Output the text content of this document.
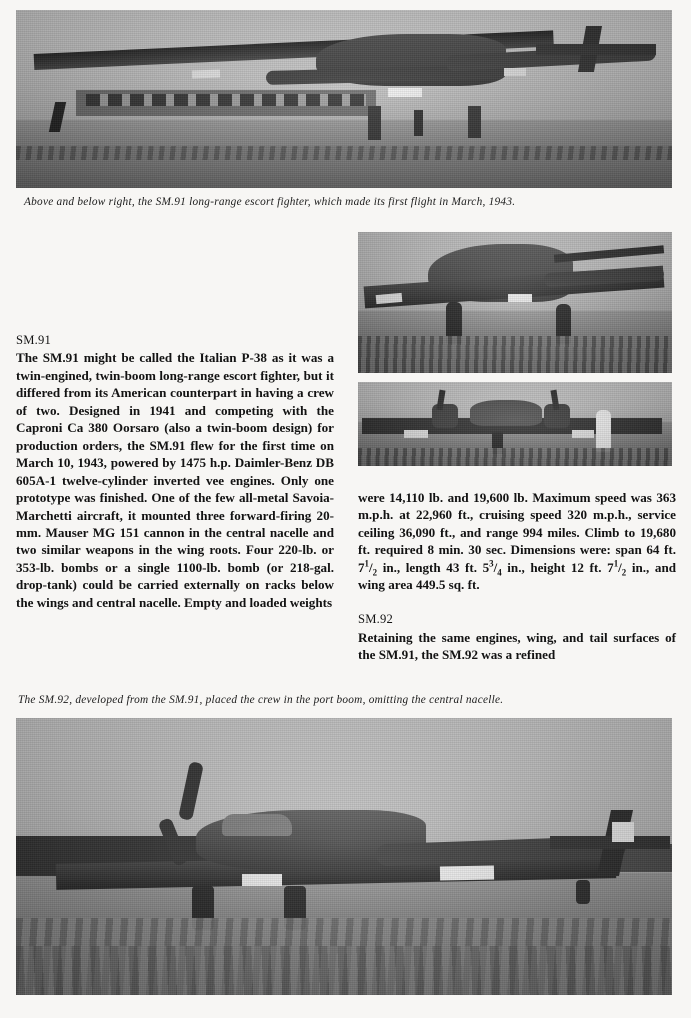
Above and below right, the SM.91 long-range escort fighter, which made its first flight in March, 1943.

SM.91

The SM.91 might be called the Italian P-38 as it was a twin-engined, twin-boom long-range escort fighter, but it differed from its American counterpart in having a crew of two. Designed in 1941 and competing with the Caproni Ca 380 Oorsaro (also a twin-boom design) for production orders, the SM.91 flew for the first time on March 10, 1943, powered by 1475 h.p. Daimler-Benz DB 605A-1 twelve-cylinder inverted vee engines. Only one prototype was finished. One of the few all-metal Savoia-Marchetti aircraft, it mounted three forward-firing 20-mm. Mauser MG 151 cannon in the central nacelle and two similar weapons in the wing roots. Four 220-lb. or 353-lb. bombs or a single 1100-lb. bomb (or 218-gal. drop-tank) could be carried externally on racks below the wings and central nacelle. Empty and loaded weights

were 14,110 lb. and 19,600 lb. Maximum speed was 363 m.p.h. at 22,960 ft., cruising speed 320 m.p.h., service ceiling 36,090 ft., and range 994 miles. Climb to 19,680 ft. required 8 min. 30 sec. Dimensions were: span 64 ft. $7^1/_2$ in., length 43 ft. $5^3/_4$ in., height 12 ft. $7^1/_2$ in., and wing area 449.5 sq. ft.

SM.92

Retaining the same engines, wing, and tail surfaces of the SM.91, the SM.92 was a refined

The SM.92, developed from the SM.91, placed the crew in the port boom, omitting the central nacelle.
